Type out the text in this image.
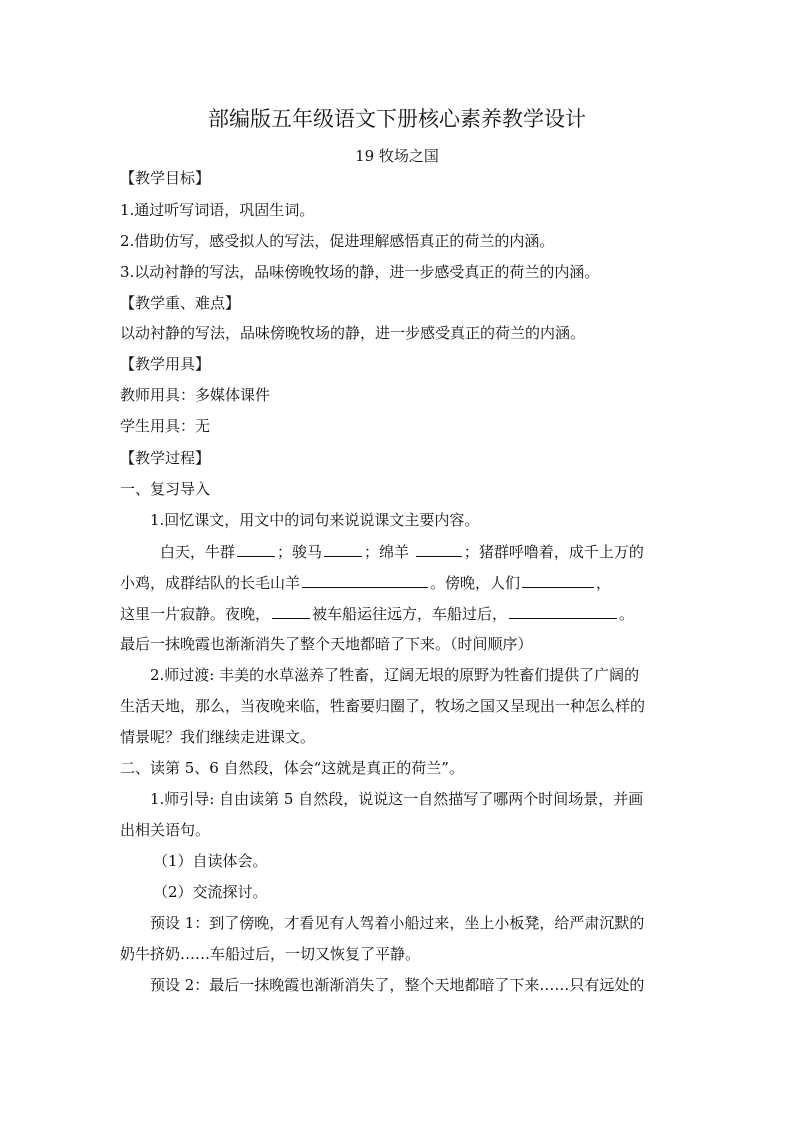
部编版五年级语文下册核心素养教学设计
19 牧场之国
【教学目标】
1.通过听写词语，巩固生词。
2.借助仿写，感受拟人的写法，促进理解感悟真正的荷兰的内涵。
3.以动衬静的写法，品味傍晚牧场的静，进一步感受真正的荷兰的内涵。
【教学重、难点】
以动衬静的写法，品味傍晚牧场的静，进一步感受真正的荷兰的内涵。
【教学用具】
教师用具：多媒体课件
学生用具：无
【教学过程】
一、复习导入
1.回忆课文，用文中的词句来说说课文主要内容。
白天，牛群	；骏马	；绵羊	；猪群呼噜着，成千上万的
小鸡，成群结队的长毛山羊	。傍晚，人们	，
这里一片寂静。夜晚，	被车船运往远方，车船过后，	。
最后一抹晚霞也渐渐消失了整个天地都暗了下来。（时间顺序）
2.师过渡: 丰美的水草滋养了牲畜，辽阔无垠的原野为牲畜们提供了广阔的
生活天地，那么，当夜晚来临，牲畜要归圈了，牧场之国又呈现出一种怎么样的
情景呢？我们继续走进课文。
二、读第 5、6 自然段，体会“这就是真正的荷兰”。
1.师引导: 自由读第 5 自然段，说说这一自然描写了哪两个时间场景，并画
出相关语句。
（1）自读体会。
（2）交流探讨。
预设 1：到了傍晚，才看见有人驾着小船过来，坐上小板凳，给严肃沉默的
奶牛挤奶……车船过后，一切又恢复了平静。
预设 2：最后一抹晚霞也渐渐消失了，整个天地都暗了下来……只有远处的
